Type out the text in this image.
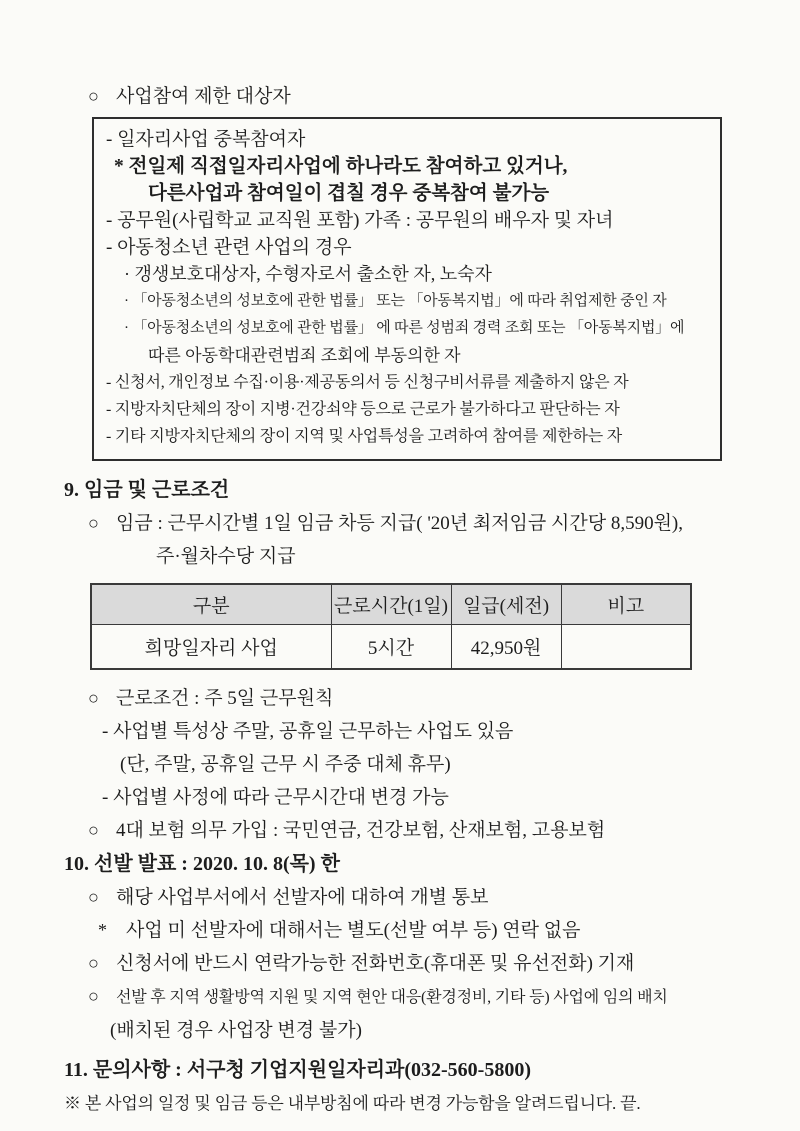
○ 사업참여 제한 대상자
- 일자리사업 중복참여자
* 전일제 직접일자리사업에 하나라도 참여하고 있거나,
다른사업과 참여일이 겹칠 경우 중복참여 불가능
- 공무원(사립학교 교직원 포함) 가족 : 공무원의 배우자 및 자녀
- 아동청소년 관련 사업의 경우
· 갱생보호대상자, 수형자로서 출소한 자, 노숙자
· 「아동청소년의 성보호에 관한 법률」 또는 「아동복지법」에 따라 취업제한 중인 자
· 「아동청소년의 성보호에 관한 법률」 에 따른 성범죄 경력 조회 또는 「아동복지법」에
따른 아동학대관련범죄 조회에 부동의한 자
- 신청서, 개인정보 수집·이용·제공동의서 등 신청구비서류를 제출하지 않은 자
- 지방자치단체의 장이 지병·건강쇠약 등으로 근로가 불가하다고 판단하는 자
- 기타 지방자치단체의 장이 지역 및 사업특성을 고려하여 참여를 제한하는 자
9. 임금 및 근로조건
○ 임금 : 근무시간별 1일 임금 차등 지급( '20년 최저임금 시간당 8,590원),
주·월차수당 지급
구분	근로시간(1일)	일급(세전)	비고
희망일자리 사업	5시간	42,950원	
○ 근로조건 : 주 5일 근무원칙
- 사업별 특성상 주말, 공휴일 근무하는 사업도 있음
(단, 주말, 공휴일 근무 시 주중 대체 휴무)
- 사업별 사정에 따라 근무시간대 변경 가능
○ 4대 보험 의무 가입 : 국민연금, 건강보험, 산재보험, 고용보험
10. 선발 발표 : 2020. 10. 8(목) 한
○ 해당 사업부서에서 선발자에 대하여 개별 통보
* 사업 미 선발자에 대해서는 별도(선발 여부 등) 연락 없음
○ 신청서에 반드시 연락가능한 전화번호(휴대폰 및 유선전화) 기재
○ 선발 후 지역 생활방역 지원 및 지역 현안 대응(환경정비, 기타 등) 사업에 임의 배치
(배치된 경우 사업장 변경 불가)
11. 문의사항 : 서구청 기업지원일자리과(032-560-5800)
※ 본 사업의 일정 및 임금 등은 내부방침에 따라 변경 가능함을 알려드립니다. 끝.
